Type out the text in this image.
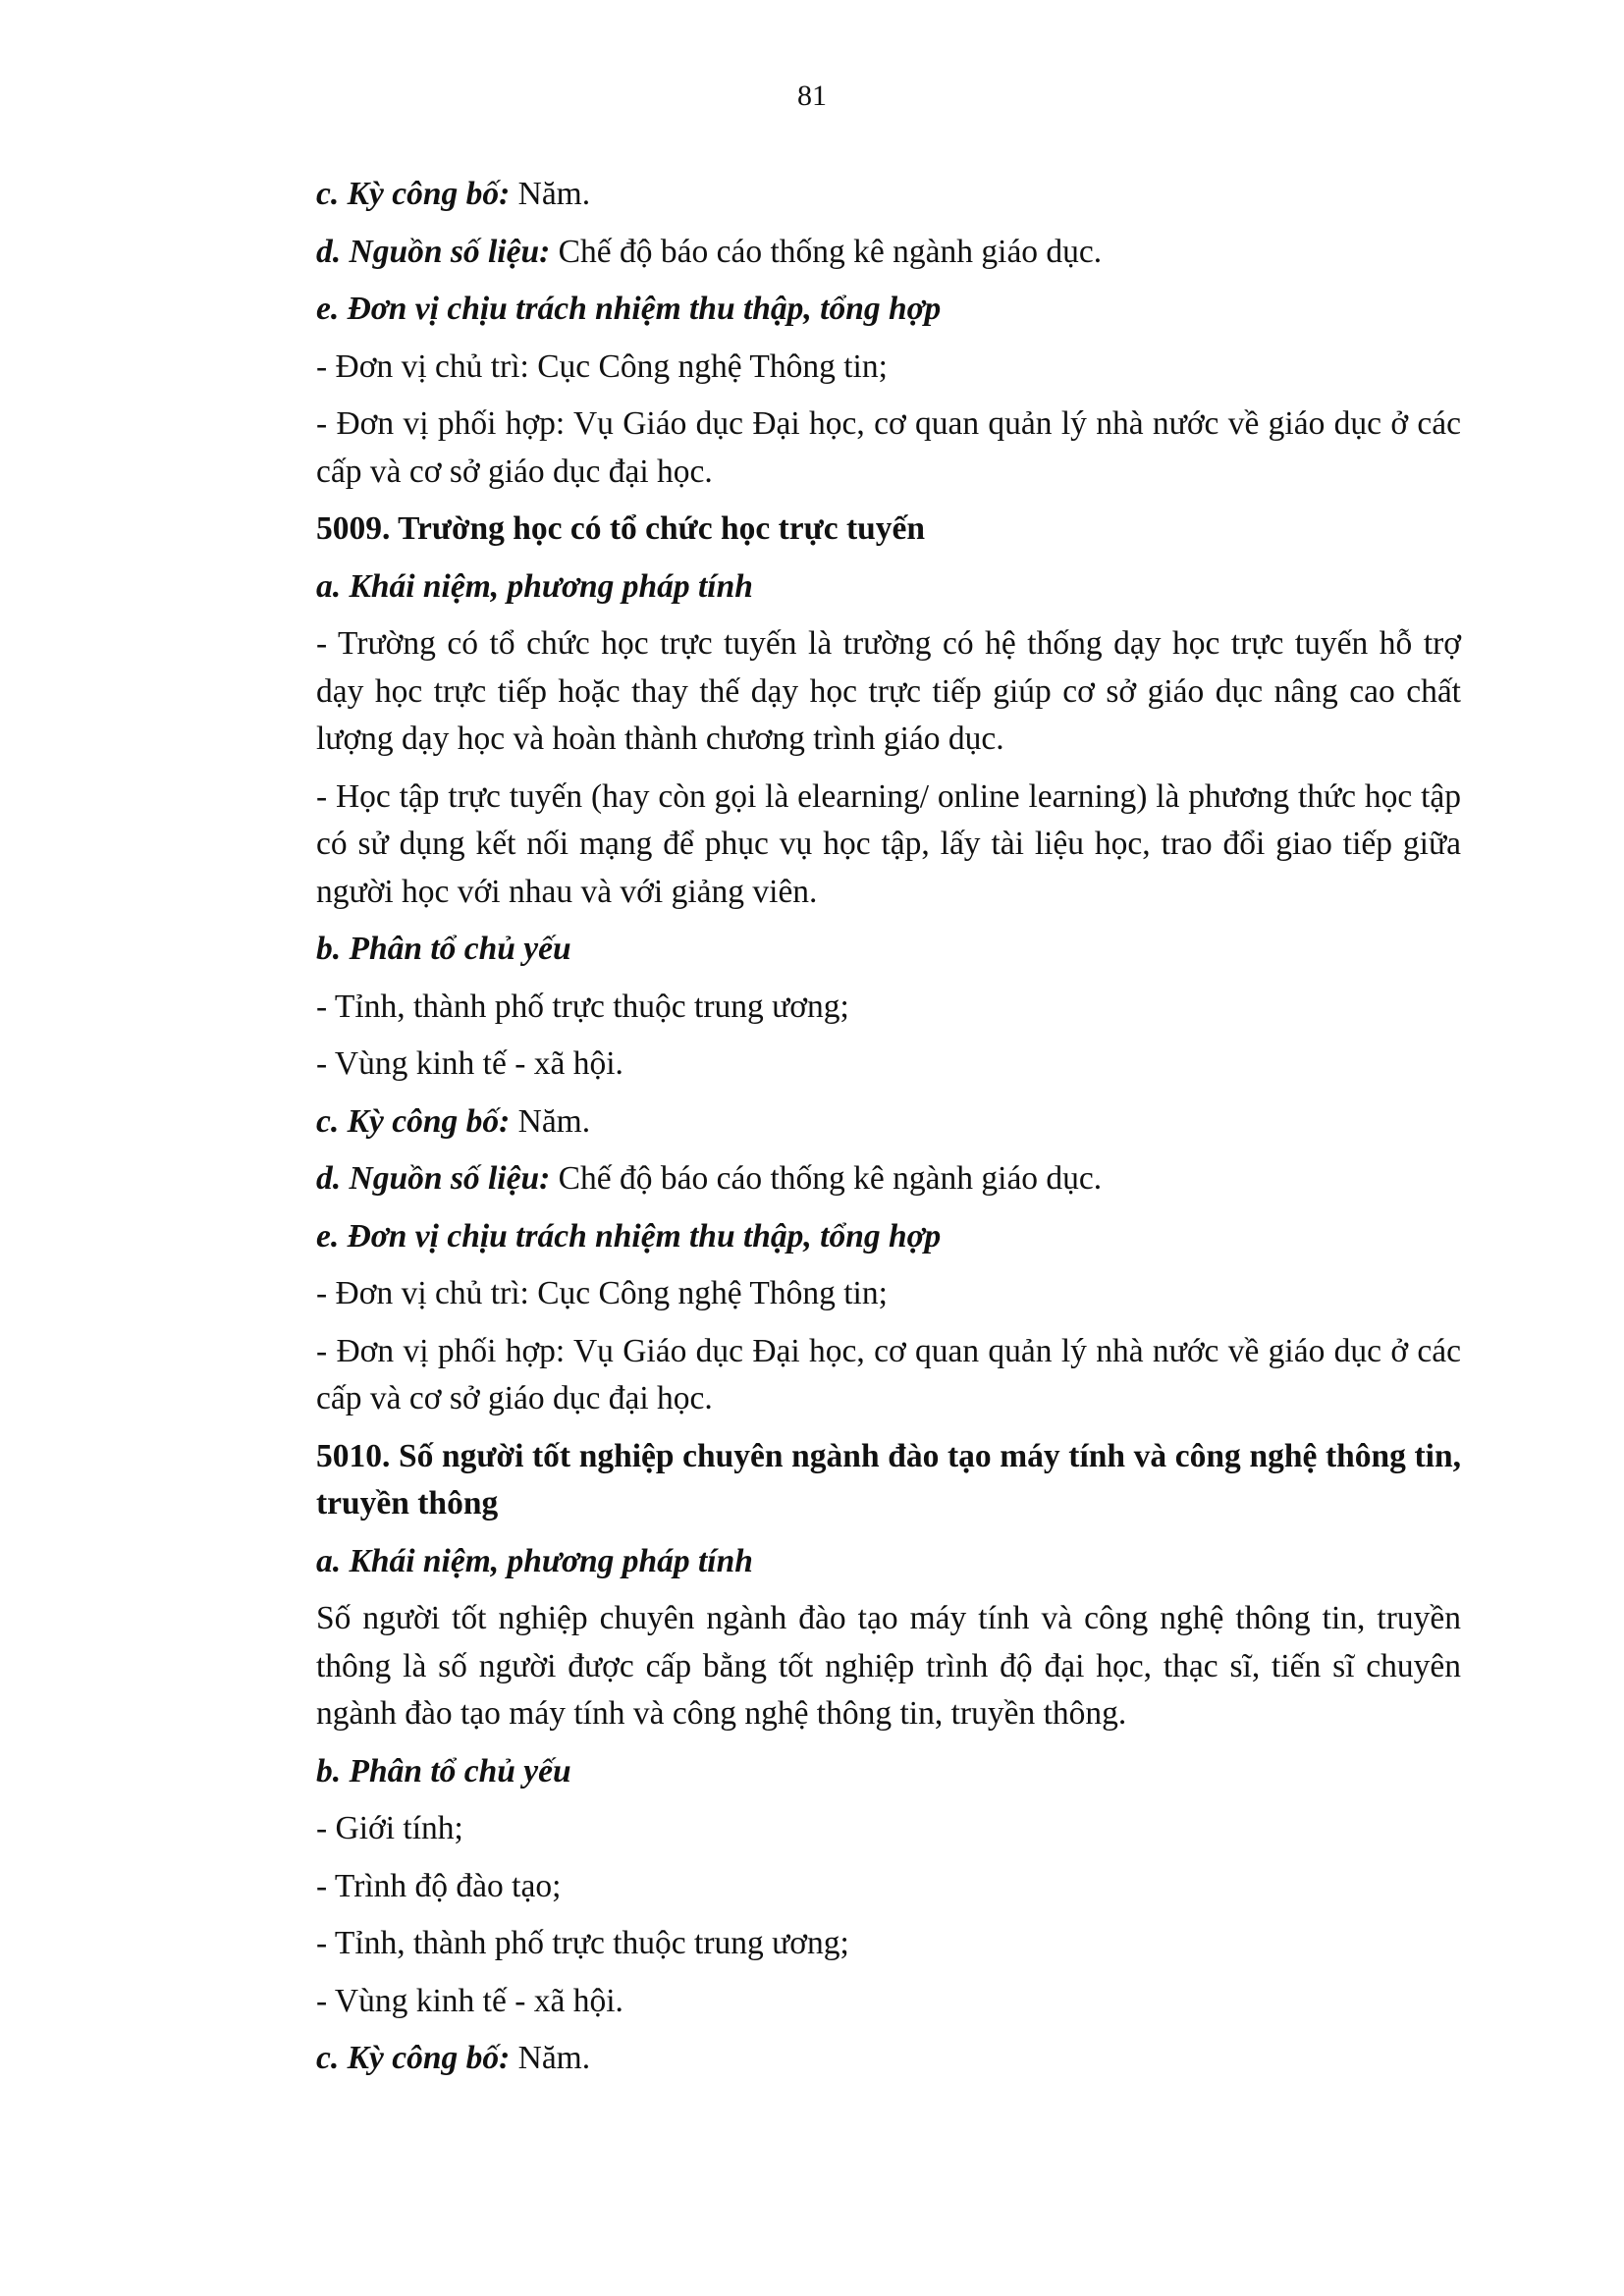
81

c. Kỳ công bố: Năm.

d. Nguồn số liệu: Chế độ báo cáo thống kê ngành giáo dục.

e. Đơn vị chịu trách nhiệm thu thập, tổng hợp

- Đơn vị chủ trì: Cục Công nghệ Thông tin;

- Đơn vị phối hợp: Vụ Giáo dục Đại học, cơ quan quản lý nhà nước về giáo dục ở các cấp và cơ sở giáo dục đại học.

5009. Trường học có tổ chức học trực tuyến

a. Khái niệm, phương pháp tính

- Trường có tổ chức học trực tuyến là trường có hệ thống dạy học trực tuyến hỗ trợ dạy học trực tiếp hoặc thay thế dạy học trực tiếp giúp cơ sở giáo dục nâng cao chất lượng dạy học và hoàn thành chương trình giáo dục.

- Học tập trực tuyến (hay còn gọi là elearning/ online learning) là phương thức học tập có sử dụng kết nối mạng để phục vụ học tập, lấy tài liệu học, trao đổi giao tiếp giữa người học với nhau và với giảng viên.

b. Phân tổ chủ yếu

- Tỉnh, thành phố trực thuộc trung ương;

- Vùng kinh tế - xã hội.

c. Kỳ công bố: Năm.

d. Nguồn số liệu: Chế độ báo cáo thống kê ngành giáo dục.

e. Đơn vị chịu trách nhiệm thu thập, tổng hợp

- Đơn vị chủ trì: Cục Công nghệ Thông tin;

- Đơn vị phối hợp: Vụ Giáo dục Đại học, cơ quan quản lý nhà nước về giáo dục ở các cấp và cơ sở giáo dục đại học.

5010. Số người tốt nghiệp chuyên ngành đào tạo máy tính và công nghệ thông tin, truyền thông

a. Khái niệm, phương pháp tính

Số người tốt nghiệp chuyên ngành đào tạo máy tính và công nghệ thông tin, truyền thông là số người được cấp bằng tốt nghiệp trình độ đại học, thạc sĩ, tiến sĩ chuyên ngành đào tạo máy tính và công nghệ thông tin, truyền thông.

b. Phân tổ chủ yếu

- Giới tính;

- Trình độ đào tạo;

- Tỉnh, thành phố trực thuộc trung ương;

- Vùng kinh tế - xã hội.

c. Kỳ công bố: Năm.
